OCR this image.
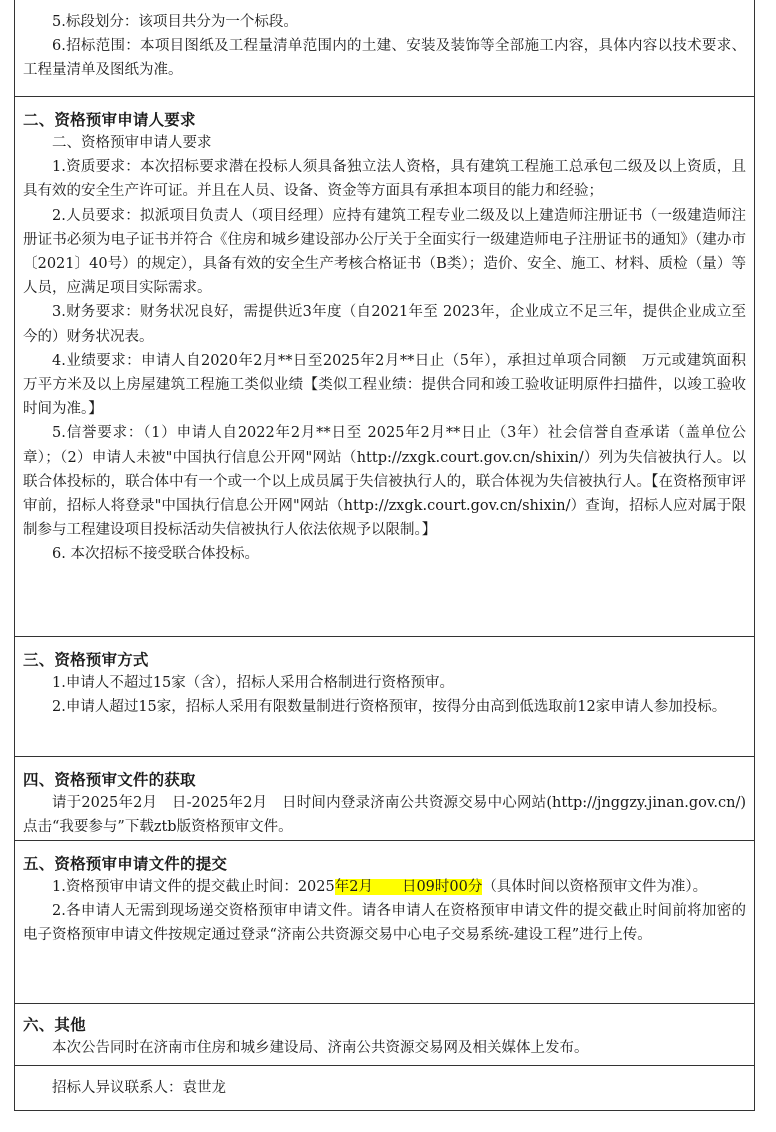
5.标段划分：该项目共分为一个标段。

6.招标范围：本项目图纸及工程量清单范围内的土建、安装及装饰等全部施工内容，具体内容以技术要求、工程量清单及图纸为准。

二、资格预审申请人要求

二、资格预审申请人要求

1.资质要求：本次招标要求潜在投标人须具备独立法人资格，具有建筑工程施工总承包二级及以上资质，且具有效的安全生产许可证。并且在人员、设备、资金等方面具有承担本项目的能力和经验；

2.人员要求：拟派项目负责人（项目经理）应持有建筑工程专业二级及以上建造师注册证书（一级建造师注册证书必须为电子证书并符合《住房和城乡建设部办公厅关于全面实行一级建造师电子注册证书的通知》（建办市〔2021〕40号）的规定），具备有效的安全生产考核合格证书（B类）；造价、安全、施工、材料、质检（量）等人员，应满足项目实际需求。

3.财务要求：财务状况良好，需提供近3年度（自2021年至 2023年，企业成立不足三年，提供企业成立至今的）财务状况表。

4.业绩要求：申请人自2020年2月**日至2025年2月**日止（5年），承担过单项合同额　万元或建筑面积　万平方米及以上房屋建筑工程施工类似业绩【类似工程业绩：提供合同和竣工验收证明原件扫描件，以竣工验收时间为准。】

5.信誉要求：（1）申请人自2022年2月**日至 2025年2月**日止（3年）社会信誉自查承诺（盖单位公章）；（2）申请人未被"中国执行信息公开网"网站（http://zxgk.court.gov.cn/shixin/）列为失信被执行人。以联合体投标的，联合体中有一个或一个以上成员属于失信被执行人的，联合体视为失信被执行人。【在资格预审评审前，招标人将登录"中国执行信息公开网"网站（http://zxgk.court.gov.cn/shixin/）查询，招标人应对属于限制参与工程建设项目投标活动失信被执行人依法依规予以限制。】

6. 本次招标不接受联合体投标。

三、资格预审方式

1.申请人不超过15家（含），招标人采用合格制进行资格预审。

2.申请人超过15家，招标人采用有限数量制进行资格预审，按得分由高到低选取前12家申请人参加投标。

四、资格预审文件的获取

请于2025年2月　日-2025年2月　日时间内登录济南公共资源交易中心网站(http://jnggzy.jinan.gov.cn/)点击“我要参与”下载ztb版资格预审文件。

五、资格预审申请文件的提交

1.资格预审申请文件的提交截止时间：2025年2月　　日09时00分（具体时间以资格预审文件为准）。

2.各申请人无需到现场递交资格预审申请文件。请各申请人在资格预审申请文件的提交截止时间前将加密的电子资格预审申请文件按规定通过登录“济南公共资源交易中心电子交易系统-建设工程”进行上传。

六、其他

本次公告同时在济南市住房和城乡建设局、济南公共资源交易网及相关媒体上发布。

招标人异议联系人：袁世龙
